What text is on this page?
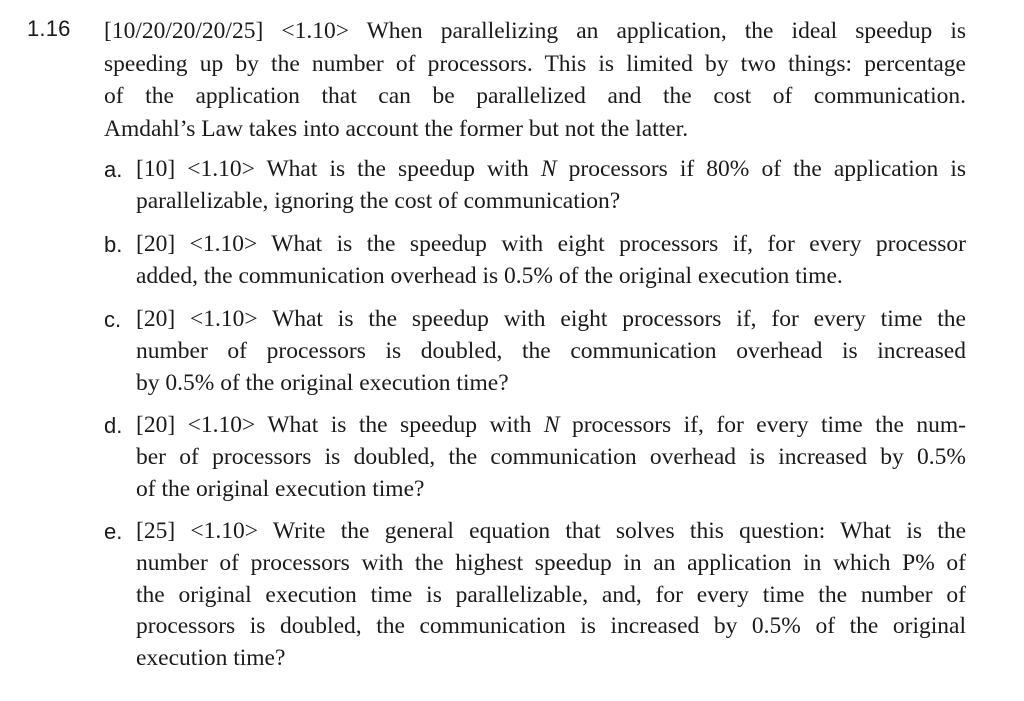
1.16 [10/20/20/20/25] <1.10> When parallelizing an application, the ideal speedup is
speeding up by the number of processors. This is limited by two things: percentage
of the application that can be parallelized and the cost of communication.
Amdahl’s Law takes into account the former but not the latter.
a. [10] <1.10> What is the speedup with N processors if 80% of the application is
parallelizable, ignoring the cost of communication?
b. [20] <1.10> What is the speedup with eight processors if, for every processor
added, the communication overhead is 0.5% of the original execution time.
c. [20] <1.10> What is the speedup with eight processors if, for every time the
number of processors is doubled, the communication overhead is increased
by 0.5% of the original execution time?
d. [20] <1.10> What is the speedup with N processors if, for every time the num-
ber of processors is doubled, the communication overhead is increased by 0.5%
of the original execution time?
e. [25] <1.10> Write the general equation that solves this question: What is the
number of processors with the highest speedup in an application in which P% of
the original execution time is parallelizable, and, for every time the number of
processors is doubled, the communication is increased by 0.5% of the original
execution time?
